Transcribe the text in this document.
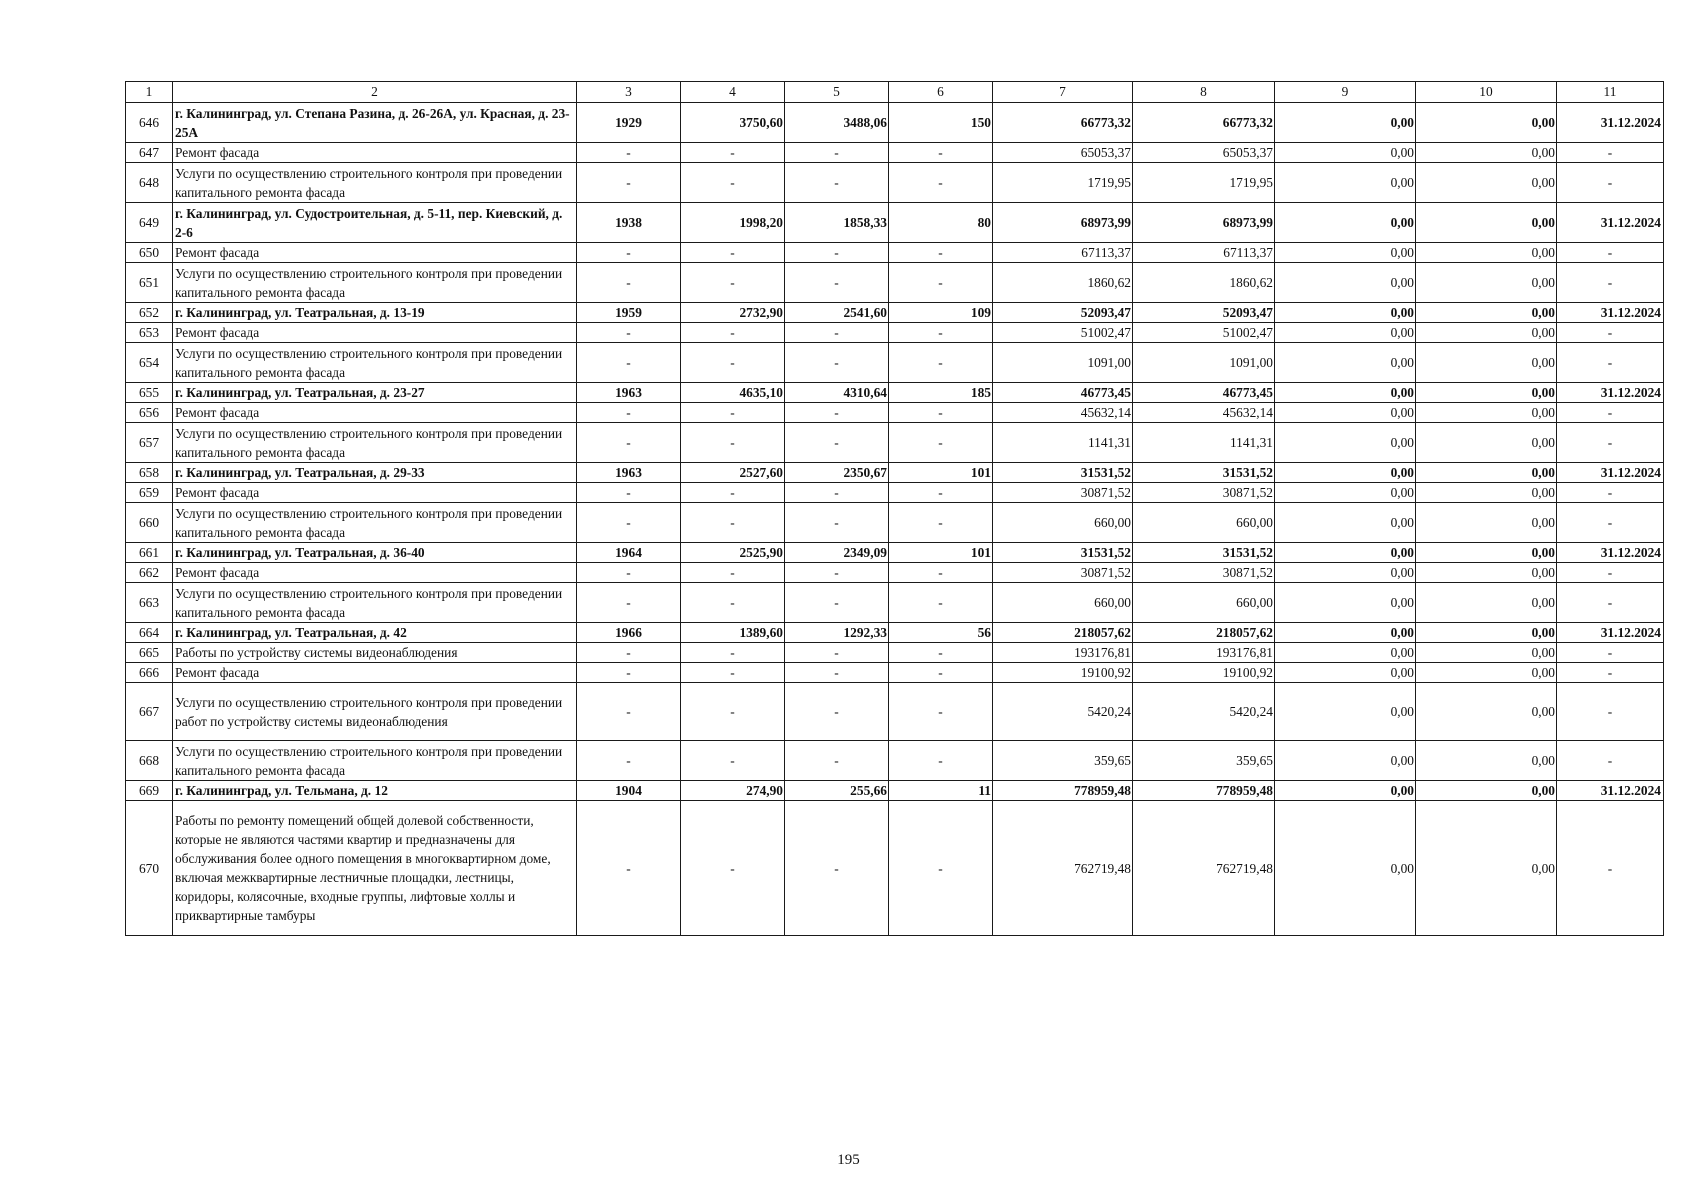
1	2	3	4	5	6	7	8	9	10	11
646	г. Калининград, ул. Степана Разина, д. 26-26А, ул. Красная, д. 23-25А	1929	3750,60	3488,06	150	66773,32	66773,32	0,00	0,00	31.12.2024
647	Ремонт фасада	-	-	-	-	65053,37	65053,37	0,00	0,00	-
648	Услуги по осуществлению строительного контроля при проведении капитального ремонта фасада	-	-	-	-	1719,95	1719,95	0,00	0,00	-
649	г. Калининград, ул. Судостроительная, д. 5-11, пер. Киевский, д. 2-6	1938	1998,20	1858,33	80	68973,99	68973,99	0,00	0,00	31.12.2024
650	Ремонт фасада	-	-	-	-	67113,37	67113,37	0,00	0,00	-
651	Услуги по осуществлению строительного контроля при проведении капитального ремонта фасада	-	-	-	-	1860,62	1860,62	0,00	0,00	-
652	г. Калининград, ул. Театральная, д. 13-19	1959	2732,90	2541,60	109	52093,47	52093,47	0,00	0,00	31.12.2024
653	Ремонт фасада	-	-	-	-	51002,47	51002,47	0,00	0,00	-
654	Услуги по осуществлению строительного контроля при проведении капитального ремонта фасада	-	-	-	-	1091,00	1091,00	0,00	0,00	-
655	г. Калининград, ул. Театральная, д. 23-27	1963	4635,10	4310,64	185	46773,45	46773,45	0,00	0,00	31.12.2024
656	Ремонт фасада	-	-	-	-	45632,14	45632,14	0,00	0,00	-
657	Услуги по осуществлению строительного контроля при проведении капитального ремонта фасада	-	-	-	-	1141,31	1141,31	0,00	0,00	-
658	г. Калининград, ул. Театральная, д. 29-33	1963	2527,60	2350,67	101	31531,52	31531,52	0,00	0,00	31.12.2024
659	Ремонт фасада	-	-	-	-	30871,52	30871,52	0,00	0,00	-
660	Услуги по осуществлению строительного контроля при проведении капитального ремонта фасада	-	-	-	-	660,00	660,00	0,00	0,00	-
661	г. Калининград, ул. Театральная, д. 36-40	1964	2525,90	2349,09	101	31531,52	31531,52	0,00	0,00	31.12.2024
662	Ремонт фасада	-	-	-	-	30871,52	30871,52	0,00	0,00	-
663	Услуги по осуществлению строительного контроля при проведении капитального ремонта фасада	-	-	-	-	660,00	660,00	0,00	0,00	-
664	г. Калининград, ул. Театральная, д. 42	1966	1389,60	1292,33	56	218057,62	218057,62	0,00	0,00	31.12.2024
665	Работы по устройству системы видеонаблюдения	-	-	-	-	193176,81	193176,81	0,00	0,00	-
666	Ремонт фасада	-	-	-	-	19100,92	19100,92	0,00	0,00	-
667	Услуги по осуществлению строительного контроля при проведении работ по устройству системы видеонаблюдения	-	-	-	-	5420,24	5420,24	0,00	0,00	-
668	Услуги по осуществлению строительного контроля при проведении капитального ремонта фасада	-	-	-	-	359,65	359,65	0,00	0,00	-
669	г. Калининград, ул. Тельмана, д. 12	1904	274,90	255,66	11	778959,48	778959,48	0,00	0,00	31.12.2024
670	Работы по ремонту помещений общей долевой собственности, которые не являются частями квартир и предназначены для обслуживания более одного помещения в многоквартирном доме, включая межквартирные лестничные площадки, лестницы, коридоры, колясочные, входные группы, лифтовые холлы и приквартирные тамбуры	-	-	-	-	762719,48	762719,48	0,00	0,00	-
195
